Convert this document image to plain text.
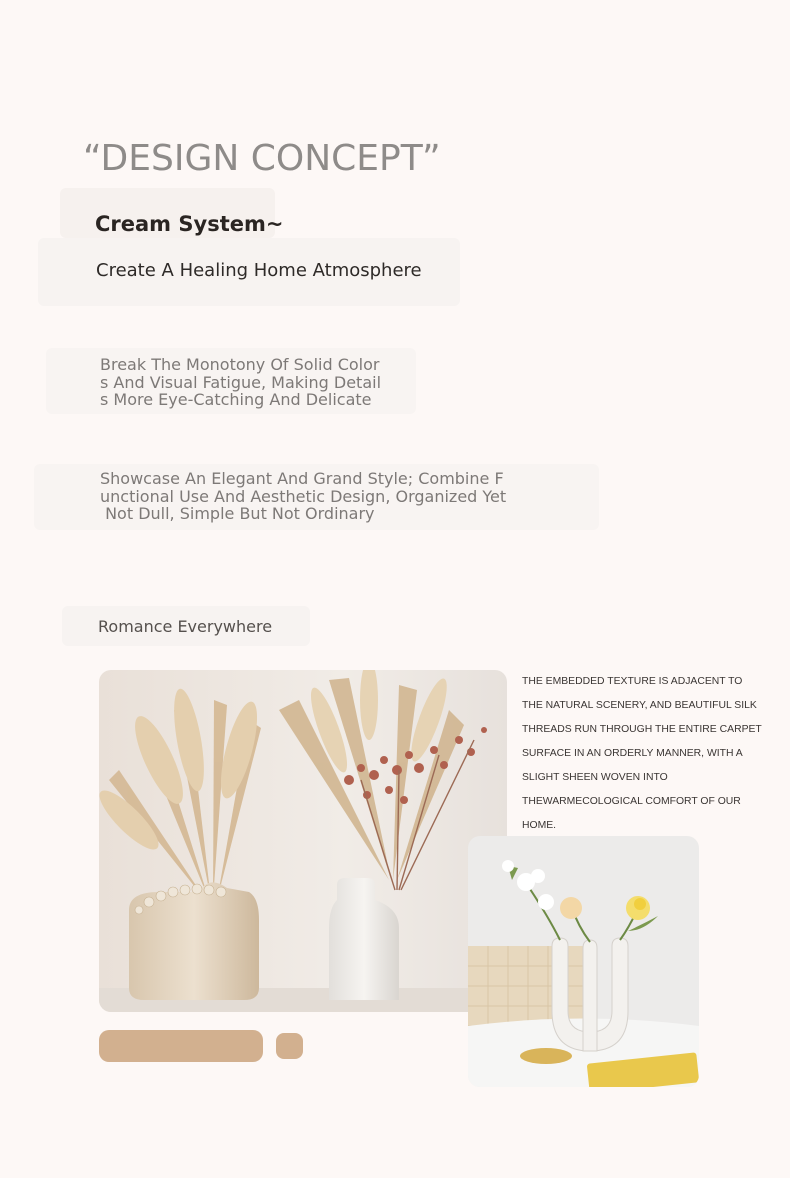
“DESIGN CONCEPT”
Cream System~
Create A Healing Home Atmosphere
Break The Monotony Of Solid Color
s And Visual Fatigue, Making Detail
s More Eye-Catching And Delicate
Showcase An Elegant And Grand Style; Combine F
unctional Use And Aesthetic Design, Organized Yet
Not Dull, Simple But Not Ordinary
Romance Everywhere
THE EMBEDDED TEXTURE IS ADJACENT TO
THE NATURAL SCENERY, AND BEAUTIFUL SILK
THREADS RUN THROUGH THE ENTIRE CARPET
SURFACE IN AN ORDERLY MANNER, WITH A
SLIGHT SHEEN WOVEN INTO
THEWARMECOLOGICAL COMFORT OF OUR
HOME.
